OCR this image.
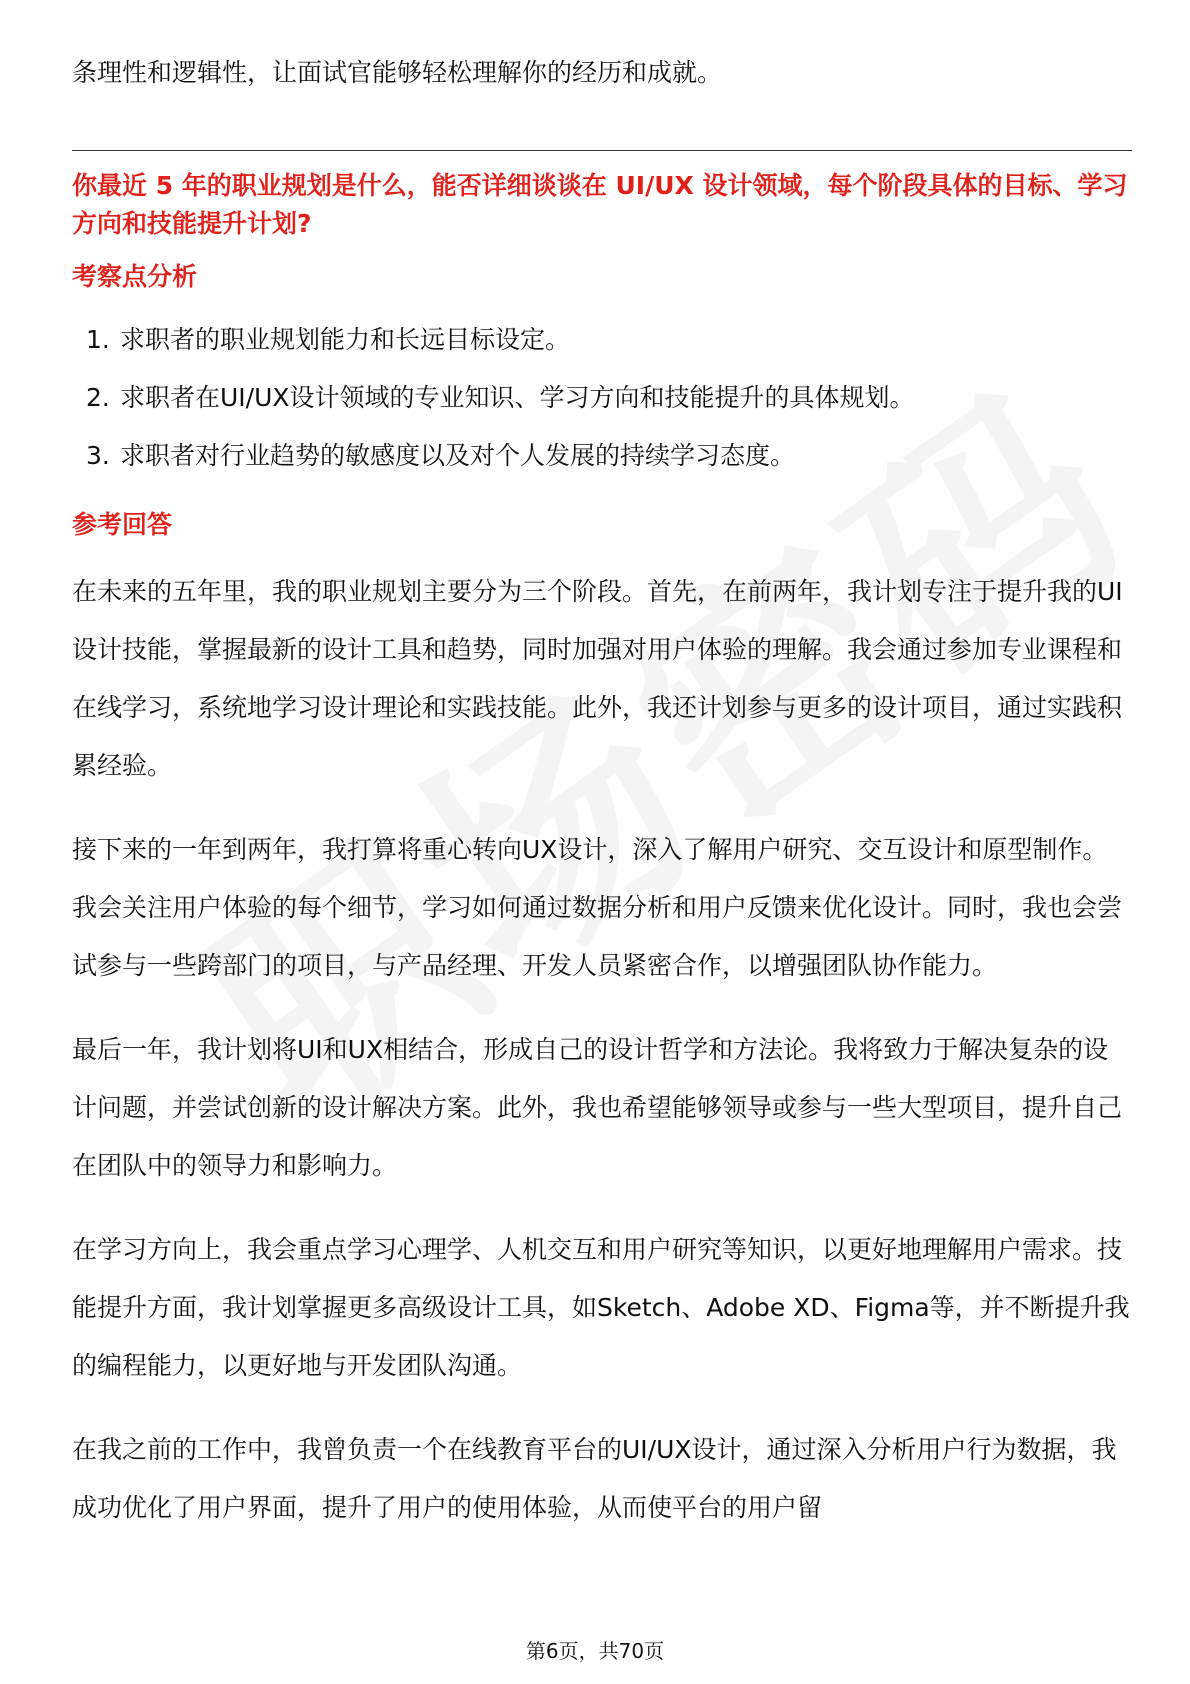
条理性和逻辑性，让面试官能够轻松理解你的经历和成就。

你最近 5 年的职业规划是什么，能否详细谈谈在 UI/UX 设计领域，每个阶段具体的目标、学习方向和技能提升计划?
考察点分析
1. 求职者的职业规划能力和长远目标设定。
2. 求职者在UI/UX设计领域的专业知识、学习方向和技能提升的具体规划。
3. 求职者对行业趋势的敏感度以及对个人发展的持续学习态度。
参考回答

在未来的五年里，我的职业规划主要分为三个阶段。首先，在前两年，我计划专注于提升我的UI设计技能，掌握最新的设计工具和趋势，同时加强对用户体验的理解。我会通过参加专业课程和在线学习，系统地学习设计理论和实践技能。此外，我还计划参与更多的设计项目，通过实践积累经验。

接下来的一年到两年，我打算将重心转向UX设计，深入了解用户研究、交互设计和原型制作。我会关注用户体验的每个细节，学习如何通过数据分析和用户反馈来优化设计。同时，我也会尝试参与一些跨部门的项目，与产品经理、开发人员紧密合作，以增强团队协作能力。

最后一年，我计划将UI和UX相结合，形成自己的设计哲学和方法论。我将致力于解决复杂的设计问题，并尝试创新的设计解决方案。此外，我也希望能够领导或参与一些大型项目，提升自己在团队中的领导力和影响力。

在学习方向上，我会重点学习心理学、人机交互和用户研究等知识，以更好地理解用户需求。技能提升方面，我计划掌握更多高级设计工具，如Sketch、Adobe XD、Figma等，并不断提升我的编程能力，以更好地与开发团队沟通。

在我之前的工作中，我曾负责一个在线教育平台的UI/UX设计，通过深入分析用户行为数据，我成功优化了用户界面，提升了用户的使用体验，从而使平台的用户留

第6页，共70页
